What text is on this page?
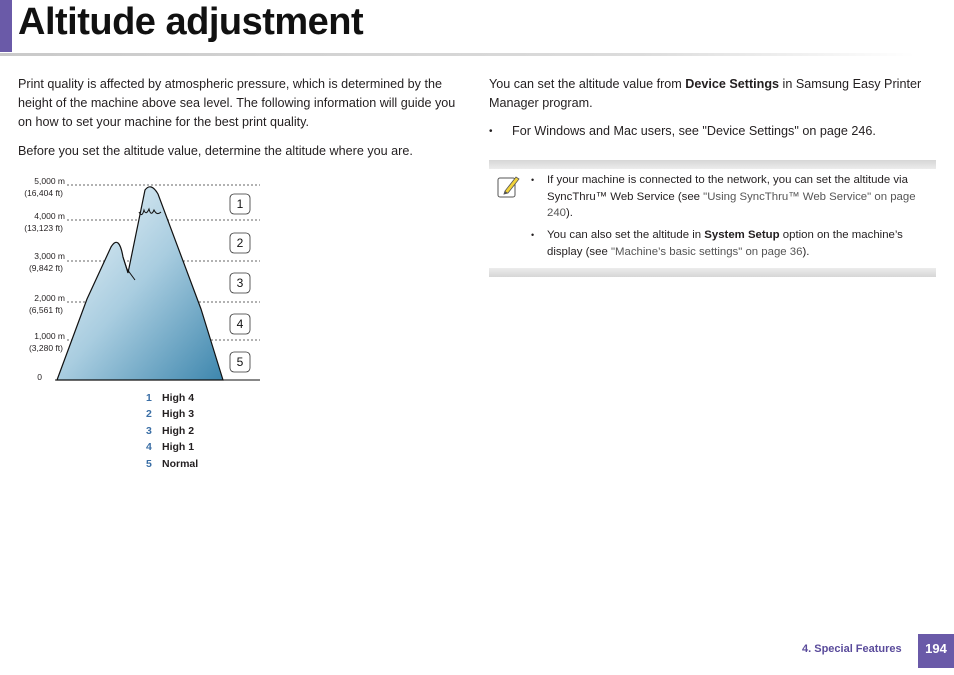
Altitude adjustment

Print quality is affected by atmospheric pressure, which is determined by the height of the machine above sea level. The following information will guide you on how to set your machine for the best print quality.

Before you set the altitude value, determine the altitude where you are.

5,000 m
(16,404 ft)
4,000 m
(13,123 ft)
3,000 m
(9,842 ft)
2,000 m
(6,561 ft)
1,000 m
(3,280 ft)
0
1
2
3
4
5
1 High 4
2 High 3
3 High 2
4 High 1
5 Normal

You can set the altitude value from Device Settings in Samsung Easy Printer Manager program.

• For Windows and Mac users, see "Device Settings" on page 246.
• If your machine is connected to the network, you can set the altitude via SyncThru™ Web Service (see "Using SyncThru™ Web Service" on page 240).
• You can also set the altitude in System Setup option on the machine’s display (see "Machine’s basic settings" on page 36).
4. Special Features	194
